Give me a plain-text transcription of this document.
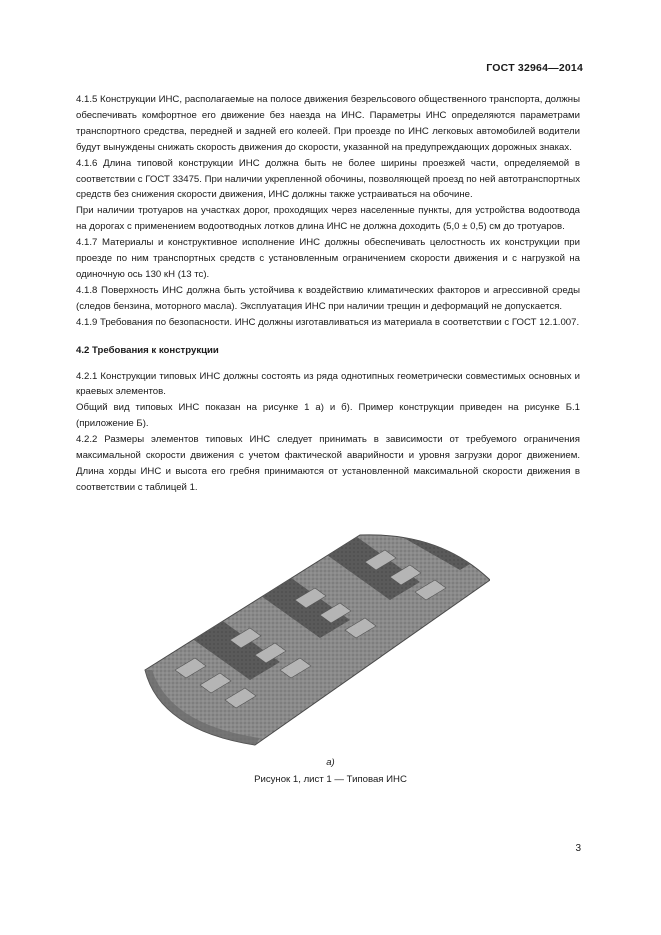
ГОСТ 32964—2014

4.1.5 Конструкции ИНС, располагаемые на полосе движения безрельсового общественного транспорта, должны обеспечивать комфортное его движение без наезда на ИНС. Параметры ИНС определяются параметрами транспортного средства, передней и задней его колеей. При проезде по ИНС легковых автомобилей водители будут вынуждены снижать скорость движения до скорости, указанной на предупреждающих дорожных знаках.

4.1.6 Длина типовой конструкции ИНС должна быть не более ширины проезжей части, определяемой в соответствии с ГОСТ 33475. При наличии укрепленной обочины, позволяющей проезд по ней автотранспортных средств без снижения скорости движения, ИНС должны также устраиваться на обочине.

При наличии тротуаров на участках дорог, проходящих через населенные пункты, для устройства водоотвода на дорогах с применением водоотводных лотков длина ИНС не должна доходить (5,0 ± 0,5) см до тротуаров.

4.1.7 Материалы и конструктивное исполнение ИНС должны обеспечивать целостность их конструкции при проезде по ним транспортных средств с установленным ограничением скорости движения и с нагрузкой на одиночную ось 130 кН (13 тс).

4.1.8 Поверхность ИНС должна быть устойчива к воздействию климатических факторов и агрессивной среды (следов бензина, моторного масла). Эксплуатация ИНС при наличии трещин и деформаций не допускается.

4.1.9 Требования по безопасности. ИНС должны изготавливаться из материала в соответствии с ГОСТ 12.1.007.

4.2 Требования к конструкции

4.2.1 Конструкции типовых ИНС должны состоять из ряда однотипных геометрически совместимых основных и краевых элементов.

Общий вид типовых ИНС показан на рисунке 1 а) и б). Пример конструкции приведен на рисунке Б.1 (приложение Б).

4.2.2 Размеры элементов типовых ИНС следует принимать в зависимости от требуемого ограничения максимальной скорости движения с учетом фактической аварийности и уровня загрузки дорог движением. Длина хорды ИНС и высота его гребня принимаются от установленной максимальной скорости движения в соответствии с таблицей 1.

а)
Рисунок 1, лист 1 — Типовая ИНС
3
